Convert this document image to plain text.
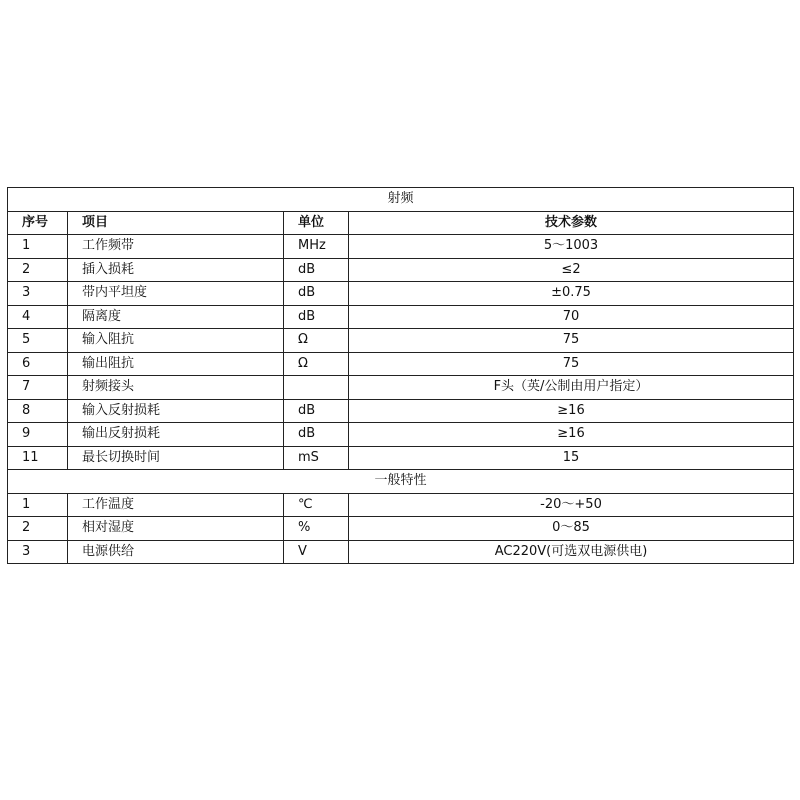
射频			
序号	项目	单位	技术参数
1	工作频带	MHz	5～1003
2	插入损耗	dB	≤2
3	带内平坦度	dB	±0.75
4	隔离度	dB	70
5	输入阻抗	Ω	75
6	输出阻抗	Ω	75
7	射频接头		F头（英/公制由用户指定）
8	输入反射损耗	dB	≥16
9	输出反射损耗	dB	≥16
11	最长切换时间	mS	15
一般特性			
1	工作温度	℃	-20～+50
2	相对湿度	%	0～85
3	电源供给	V	AC220V(可选双电源供电)
